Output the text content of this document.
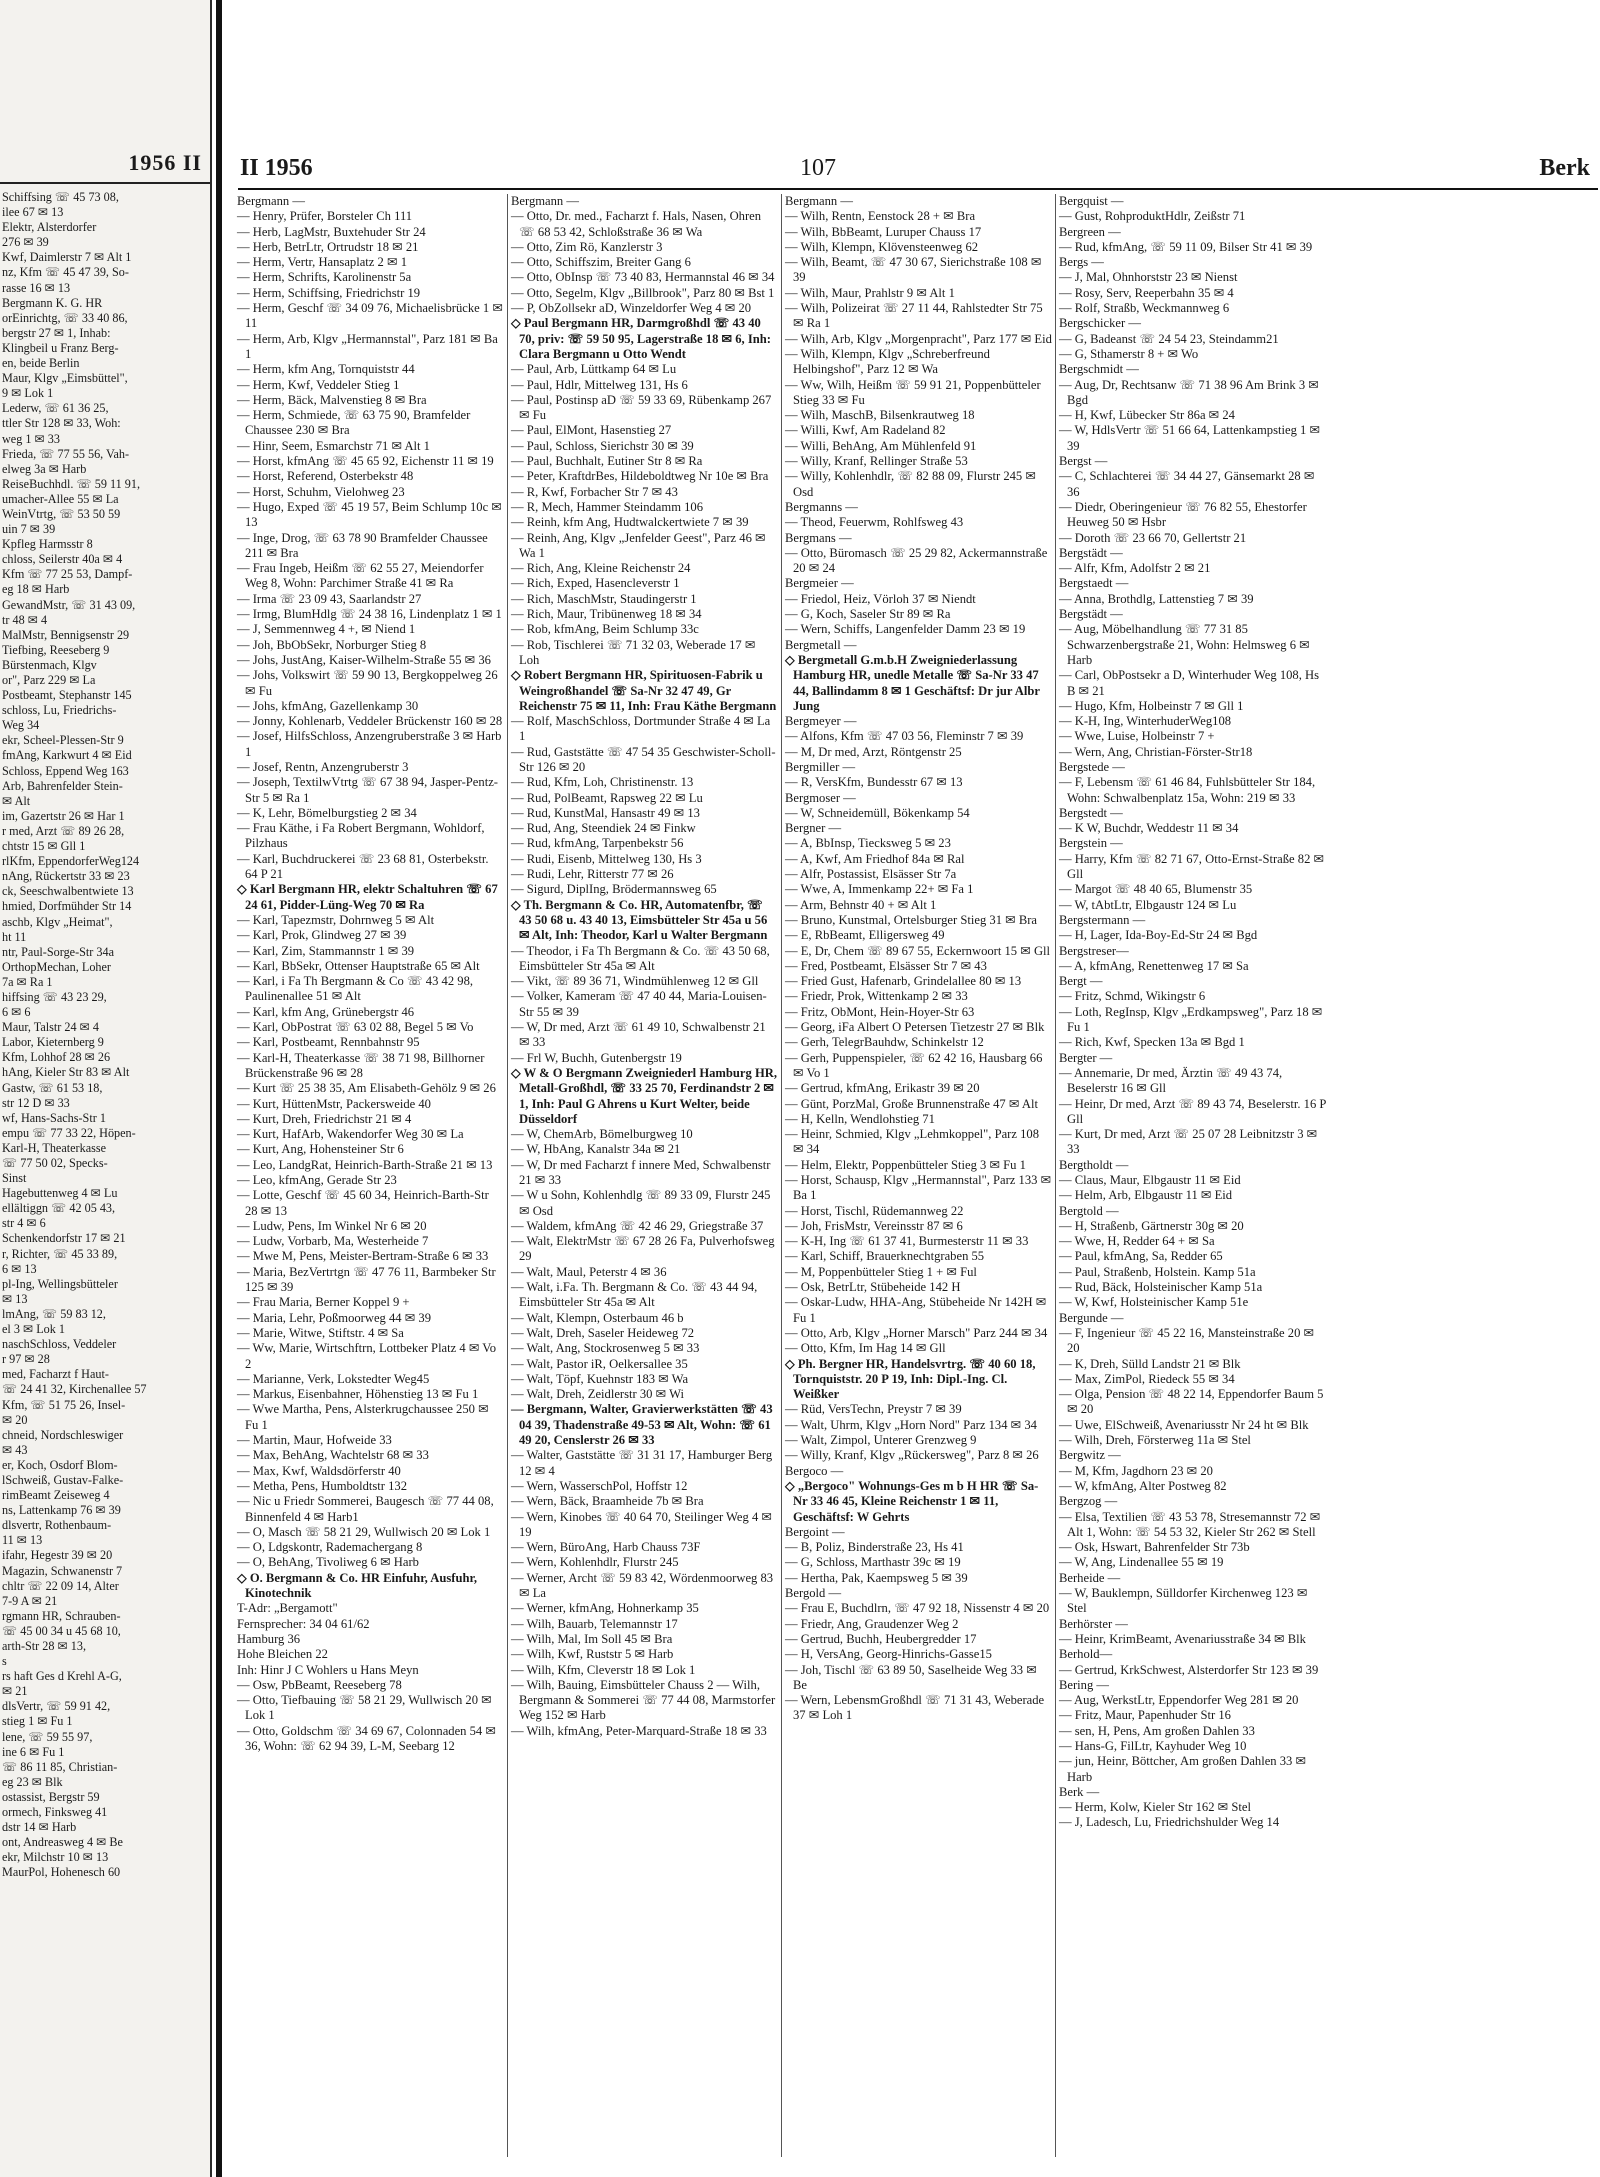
1956 II
Schiffsing ☏ 45 73 08,
ilee 67 ✉ 13
Elektr, Alsterdorfer
276 ✉ 39
Kwf, Daimlerstr 7 ✉ Alt 1
nz, Kfm ☏ 45 47 39, So-
rasse 16 ✉ 13
Bergmann K. G. HR
orEinrichtg, ☏ 33 40 86,
bergstr 27 ✉ 1, Inhab:
Klingbeil u Franz Berg-
en, beide Berlin
Maur, Klgv „Eimsbüttel",
9 ✉ Lok 1
Lederw, ☏ 61 36 25,
ttler Str 128 ✉ 33, Woh:
weg 1 ✉ 33
Frieda, ☏ 77 55 56, Vah-
elweg 3a ✉ Harb
ReiseBuchhdl. ☏ 59 11 91,
umacher-Allee 55 ✉ La
WeinVtrtg, ☏ 53 50 59
uin 7 ✉ 39
Kpfleg Harmsstr 8
chloss, Seilerstr 40a ✉ 4
Kfm ☏ 77 25 53, Dampf-
eg 18 ✉ Harb
GewandMstr, ☏ 31 43 09,
tr 48 ✉ 4
MalMstr, Bennigsenstr 29
Tiefbing, Reeseberg 9
Bürstenmach, Klgv
or", Parz 229 ✉ La
Postbeamt, Stephanstr 145
schloss, Lu, Friedrichs-
Weg 34
ekr, Scheel-Plessen-Str 9
fmAng, Karkwurt 4 ✉ Eid
Schloss, Eppend Weg 163
Arb, Bahrenfelder Stein-
✉ Alt
im, Gazertstr 26 ✉ Har 1
r med, Arzt ☏ 89 26 28,
chtstr 15 ✉ Gll 1
rlKfm, EppendorferWeg124
nAng, Rückertstr 33 ✉ 23
ck, Seeschwalbentwiete 13
hmied, Dorfmühder Str 14
aschb, Klgv „Heimat",
ht 11
ntr, Paul-Sorge-Str 34a
OrthopMechan, Loher
7a ✉ Ra 1
hiffsing ☏ 43 23 29,
6 ✉ 6
Maur, Talstr 24 ✉ 4
Labor, Kieternberg 9
Kfm, Lohhof 28 ✉ 26
hAng, Kieler Str 83 ✉ Alt
Gastw, ☏ 61 53 18,
str 12 D ✉ 33
wf, Hans-Sachs-Str 1
empu ☏ 77 33 22, Höpen-
Karl-H, Theaterkasse
☏ 77 50 02, Specks-
Sinst
Hagebuttenweg 4 ✉ Lu
ellältiggn ☏ 42 05 43,
str 4 ✉ 6
Schenkendorfstr 17 ✉ 21
r, Richter, ☏ 45 33 89,
6 ✉ 13
pl-Ing, Wellingsbütteler
✉ 13
lmAng, ☏ 59 83 12,
el 3 ✉ Lok 1
naschSchloss, Veddeler
r 97 ✉ 28
med, Facharzt f Haut-
☏ 24 41 32, Kirchenallee 57
Kfm, ☏ 51 75 26, Insel-
✉ 20
chneid, Nordschleswiger
✉ 43
er, Koch, Osdorf Blom-
lSchweiß, Gustav-Falke-
rimBeamt Zeiseweg 4
ns, Lattenkamp 76 ✉ 39
dlsvertr, Rothenbaum-
11 ✉ 13
ifahr, Hegestr 39 ✉ 20
Magazin, Schwanenstr 7
chltr ☏ 22 09 14, Alter
7-9 A ✉ 21
rgmann HR, Schrauben-
☏ 45 00 34 u 45 68 10,
arth-Str 28 ✉ 13,
s
rs haft Ges d Krehl A-G,
✉ 21
dlsVertr, ☏ 59 91 42,
stieg 1 ✉ Fu 1
lene, ☏ 59 55 97,
ine 6 ✉ Fu 1
☏ 86 11 85, Christian-
eg 23 ✉ Blk
ostassist, Bergstr 59
ormech, Finksweg 41
dstr 14 ✉ Harb
ont, Andreasweg 4 ✉ Be
ekr, Milchstr 10 ✉ 13
MaurPol, Hohenesch 60
II 1956	107	Berk
Bergmann —
— Henry, Prüfer, Borsteler Ch 111
— Herb, LagMstr, Buxtehuder Str 24
— Herb, BetrLtr, Ortrudstr 18 ✉ 21
— Herm, Vertr, Hansaplatz 2 ✉ 1
— Herm, Schrifts, Karolinenstr 5a
— Herm, Schiffsing, Friedrichstr 19
— Herm, Geschf ☏ 34 09 76, Michaelisbrücke 1 ✉ 11
— Herm, Arb, Klgv „Hermannstal", Parz 181 ✉ Ba 1
— Herm, kfm Ang, Tornquiststr 44
— Herm, Kwf, Veddeler Stieg 1
— Herm, Bäck, Malvenstieg 8 ✉ Bra
— Herm, Schmiede, ☏ 63 75 90, Bramfelder Chaussee 230 ✉ Bra
— Hinr, Seem, Esmarchstr 71 ✉ Alt 1
— Horst, kfmAng ☏ 45 65 92, Eichenstr 11 ✉ 19
— Horst, Referend, Osterbekstr 48
— Horst, Schuhm, Vielohweg 23
— Hugo, Exped ☏ 45 19 57, Beim Schlump 10c ✉ 13
— Inge, Drog, ☏ 63 78 90 Bramfelder Chaussee 211 ✉ Bra
— Frau Ingeb, Heißm ☏ 62 55 27, Meiendorfer Weg 8, Wohn: Parchimer Straße 41 ✉ Ra
— Irma ☏ 23 09 43, Saarlandstr 27
— Irmg, BlumHdlg ☏ 24 38 16, Lindenplatz 1 ✉ 1
— J, Semmennweg 4 +, ✉ Niend 1
— Joh, BbObSekr, Norburger Stieg 8
— Johs, JustAng, Kaiser-Wilhelm-Straße 55 ✉ 36
— Johs, Volkswirt ☏ 59 90 13, Bergkoppelweg 26 ✉ Fu
— Johs, kfmAng, Gazellenkamp 30
— Jonny, Kohlenarb, Veddeler Brückenstr 160 ✉ 28
— Josef, HilfsSchloss, Anzengruberstraße 3 ✉ Harb 1
— Josef, Rentn, Anzengruberstr 3
— Joseph, TextilwVtrtg ☏ 67 38 94, Jasper-Pentz-Str 5 ✉ Ra 1
— K, Lehr, Bömelburgstieg 2 ✉ 34
— Frau Käthe, i Fa Robert Bergmann, Wohldorf, Pilzhaus
— Karl, Buchdruckerei ☏ 23 68 81, Osterbekstr. 64 P 21
◇ Karl Bergmann HR, elektr Schaltuhren ☏ 67 24 61, Pidder-Lüng-Weg 70 ✉ Ra
— Karl, Tapezmstr, Dohrnweg 5 ✉ Alt
— Karl, Prok, Glindweg 27 ✉ 39
— Karl, Zim, Stammannstr 1 ✉ 39
— Karl, BbSekr, Ottenser Hauptstraße 65 ✉ Alt
— Karl, i Fa Th Bergmann & Co ☏ 43 42 98, Paulinenallee 51 ✉ Alt
— Karl, kfm Ang, Grünebergstr 46
— Karl, ObPostrat ☏ 63 02 88, Begel 5 ✉ Vo
— Karl, Postbeamt, Rennbahnstr 95
— Karl-H, Theaterkasse ☏ 38 71 98, Billhorner Brückenstraße 96 ✉ 28
— Kurt ☏ 25 38 35, Am Elisabeth-Gehölz 9 ✉ 26
— Kurt, HüttenMstr, Packersweide 40
— Kurt, Dreh, Friedrichstr 21 ✉ 4
— Kurt, HafArb, Wakendorfer Weg 30 ✉ La
— Kurt, Ang, Hohensteiner Str 6
— Leo, LandgRat, Heinrich-Barth-Straße 21 ✉ 13
— Leo, kfmAng, Gerade Str 23
— Lotte, Geschf ☏ 45 60 34, Heinrich-Barth-Str 28 ✉ 13
— Ludw, Pens, Im Winkel Nr 6 ✉ 20
— Ludw, Vorbarb, Ma, Westerheide 7
— Mwe M, Pens, Meister-Bertram-Straße 6 ✉ 33
— Maria, BezVertrtgn ☏ 47 76 11, Barmbeker Str 125 ✉ 39
— Frau Maria, Berner Koppel 9 +
— Maria, Lehr, Poßmoorweg 44 ✉ 39
— Marie, Witwe, Stiftstr. 4 ✉ Sa
— Ww, Marie, Wirtschftrn, Lottbeker Platz 4 ✉ Vo 2
— Marianne, Verk, Lokstedter Weg45
— Markus, Eisenbahner, Höhenstieg 13 ✉ Fu 1
— Wwe Martha, Pens, Alsterkrugchaussee 250 ✉ Fu 1
— Martin, Maur, Hofweide 33
— Max, BehAng, Wachtelstr 68 ✉ 33
— Max, Kwf, Waldsdörferstr 40
— Metha, Pens, Humboldtstr 132
— Nic u Friedr Sommerei, Baugesch ☏ 77 44 08, Binnenfeld 4 ✉ Harb1
— O, Masch ☏ 58 21 29, Wullwisch 20 ✉ Lok 1
— O, Ldgskontr, Rademachergang 8
— O, BehAng, Tivoliweg 6 ✉ Harb
◇ O. Bergmann & Co. HR Einfuhr, Ausfuhr, Kinotechnik
T-Adr: „Bergamott"
Fernsprecher: 34 04 61/62
Hamburg 36
Hohe Bleichen 22
Inh: Hinr J C Wohlers u Hans Meyn
— Osw, PbBeamt, Reeseberg 78
— Otto, Tiefbauing ☏ 58 21 29, Wullwisch 20 ✉ Lok 1
— Otto, Goldschm ☏ 34 69 67, Colonnaden 54 ✉ 36, Wohn: ☏ 62 94 39, L-M, Seebarg 12
Bergmann —
— Otto, Dr. med., Facharzt f. Hals, Nasen, Ohren ☏ 68 53 42, Schloßstraße 36 ✉ Wa
— Otto, Zim Rö, Kanzlerstr 3
— Otto, Schiffszim, Breiter Gang 6
— Otto, ObInsp ☏ 73 40 83, Hermannstal 46 ✉ 34
— Otto, Segelm, Klgv „Billbrook", Parz 80 ✉ Bst 1
— P, ObZollsekr aD, Winzeldorfer Weg 4 ✉ 20
◇ Paul Bergmann HR, Darmgroßhdl ☏ 43 40 70, priv: ☏ 59 50 95, Lagerstraße 18 ✉ 6, Inh: Clara Bergmann u Otto Wendt
— Paul, Arb, Lüttkamp 64 ✉ Lu
— Paul, Hdlr, Mittelweg 131, Hs 6
— Paul, Postinsp aD ☏ 59 33 69, Rübenkamp 267 ✉ Fu
— Paul, ElMont, Hasenstieg 27
— Paul, Schloss, Sierichstr 30 ✉ 39
— Paul, Buchhalt, Eutiner Str 8 ✉ Ra
— Peter, KraftdrBes, Hildeboldtweg Nr 10e ✉ Bra
— R, Kwf, Forbacher Str 7 ✉ 43
— R, Mech, Hammer Steindamm 106
— Reinh, kfm Ang, Hudtwalckertwiete 7 ✉ 39
— Reinh, Ang, Klgv „Jenfelder Geest", Parz 46 ✉ Wa 1
— Rich, Ang, Kleine Reichenstr 24
— Rich, Exped, Hasencleverstr 1
— Rich, MaschMstr, Staudingerstr 1
— Rich, Maur, Tribünenweg 18 ✉ 34
— Rob, kfmAng, Beim Schlump 33c
— Rob, Tischlerei ☏ 71 32 03, Weberade 17 ✉ Loh
◇ Robert Bergmann HR, Spirituosen-Fabrik u Weingroßhandel ☏ Sa-Nr 32 47 49, Gr Reichenstr 75 ✉ 11, Inh: Frau Käthe Bergmann
— Rolf, MaschSchloss, Dortmunder Straße 4 ✉ La 1
— Rud, Gaststätte ☏ 47 54 35 Geschwister-Scholl-Str 126 ✉ 20
— Rud, Kfm, Loh, Christinenstr. 13
— Rud, PolBeamt, Rapsweg 22 ✉ Lu
— Rud, KunstMal, Hansastr 49 ✉ 13
— Rud, Ang, Steendiek 24 ✉ Finkw
— Rud, kfmAng, Tarpenbekstr 56
— Rudi, Eisenb, Mittelweg 130, Hs 3
— Rudi, Lehr, Ritterstr 77 ✉ 26
— Sigurd, DiplIng, Brödermannsweg 65
◇ Th. Bergmann & Co. HR, Automatenfbr, ☏ 43 50 68 u. 43 40 13, Eimsbütteler Str 45a u 56 ✉ Alt, Inh: Theodor, Karl u Walter Bergmann
— Theodor, i Fa Th Bergmann & Co. ☏ 43 50 68, Eimsbütteler Str 45a ✉ Alt
— Vikt, ☏ 89 36 71, Windmühlenweg 12 ✉ Gll
— Volker, Kameram ☏ 47 40 44, Maria-Louisen-Str 55 ✉ 39
— W, Dr med, Arzt ☏ 61 49 10, Schwalbenstr 21 ✉ 33
— Frl W, Buchh, Gutenbergstr 19
◇ W & O Bergmann Zweigniederl Hamburg HR, Metall-Großhdl, ☏ 33 25 70, Ferdinandstr 2 ✉ 1, Inh: Paul G Ahrens u Kurt Welter, beide Düsseldorf
— W, ChemArb, Bömelburgweg 10
— W, HbAng, Kanalstr 34a ✉ 21
— W, Dr med Facharzt f innere Med, Schwalbenstr 21 ✉ 33
— W u Sohn, Kohlenhdlg ☏ 89 33 09, Flurstr 245 ✉ Osd
— Waldem, kfmAng ☏ 42 46 29, Griegstraße 37
— Walt, ElektrMstr ☏ 67 28 26 Fa, Pulverhofsweg 29
— Walt, Maul, Peterstr 4 ✉ 36
— Walt, i.Fa. Th. Bergmann & Co. ☏ 43 44 94, Eimsbütteler Str 45a ✉ Alt
— Walt, Klempn, Osterbaum 46 b
— Walt, Dreh, Saseler Heideweg 72
— Walt, Ang, Stockrosenweg 5 ✉ 33
— Walt, Pastor iR, Oelkersallee 35
— Walt, Töpf, Kuehnstr 183 ✉ Wa
— Walt, Dreh, Zeidlerstr 30 ✉ Wi
— Bergmann, Walter, Gravierwerkstätten ☏ 43 04 39, Thadenstraße 49-53 ✉ Alt, Wohn: ☏ 61 49 20, Censlerstr 26 ✉ 33
— Walter, Gaststätte ☏ 31 31 17, Hamburger Berg 12 ✉ 4
— Wern, WasserschPol, Hoffstr 12
— Wern, Bäck, Braamheide 7b ✉ Bra
— Wern, Kinobes ☏ 40 64 70, Steilinger Weg 4 ✉ 19
— Wern, BüroAng, Harb Chauss 73F
— Wern, Kohlenhdlr, Flurstr 245
— Werner, Archt ☏ 59 83 42, Wördenmoorweg 83 ✉ La
— Werner, kfmAng, Hohnerkamp 35
— Wilh, Bauarb, Telemannstr 17
— Wilh, Mal, Im Soll 45 ✉ Bra
— Wilh, Kwf, Ruststr 5 ✉ Harb
— Wilh, Kfm, Cleverstr 18 ✉ Lok 1
— Wilh, Bauing, Eimsbütteler Chauss 2 — Wilh, Bergmann & Sommerei ☏ 77 44 08, Marmstorfer Weg 152 ✉ Harb
— Wilh, kfmAng, Peter-Marquard-Straße 18 ✉ 33
Bergmann —
— Wilh, Rentn, Eenstock 28 + ✉ Bra
— Wilh, BbBeamt, Luruper Chauss 17
— Wilh, Klempn, Klövensteenweg 62
— Wilh, Beamt, ☏ 47 30 67, Sierichstraße 108 ✉ 39
— Wilh, Maur, Prahlstr 9 ✉ Alt 1
— Wilh, Polizeirat ☏ 27 11 44, Rahlstedter Str 75 ✉ Ra 1
— Wilh, Arb, Klgv „Morgenpracht", Parz 177 ✉ Eid
— Wilh, Klempn, Klgv „Schreberfreund Helbingshof", Parz 12 ✉ Wa
— Ww, Wilh, Heißm ☏ 59 91 21, Poppenbütteler Stieg 33 ✉ Fu
— Wilh, MaschB, Bilsenkrautweg 18
— Willi, Kwf, Am Radeland 82
— Willi, BehAng, Am Mühlenfeld 91
— Willy, Kranf, Rellinger Straße 53
— Willy, Kohlenhdlr, ☏ 82 88 09, Flurstr 245 ✉ Osd
Bergmanns —
— Theod, Feuerwm, Rohlfsweg 43
Bergmans —
— Otto, Büromasch ☏ 25 29 82, Ackermannstraße 20 ✉ 24
Bergmeier —
— Friedol, Heiz, Vörloh 37 ✉ Niendt
— G, Koch, Saseler Str 89 ✉ Ra
— Wern, Schiffs, Langenfelder Damm 23 ✉ 19
Bergmetall —
◇ Bergmetall G.m.b.H Zweigniederlassung Hamburg HR, unedle Metalle ☏ Sa-Nr 33 47 44, Ballindamm 8 ✉ 1 Geschäftsf: Dr jur Albr Jung
Bergmeyer —
— Alfons, Kfm ☏ 47 03 56, Fleminstr 7 ✉ 39
— M, Dr med, Arzt, Röntgenstr 25
Bergmiller —
— R, VersKfm, Bundesstr 67 ✉ 13
Bergmoser —
— W, Schneidemüll, Bökenkamp 54
Bergner —
— A, BbInsp, Tiecksweg 5 ✉ 23
— A, Kwf, Am Friedhof 84a ✉ Ral
— Alfr, Postassist, Elsässer Str 7a
— Wwe, A, Immenkamp 22+ ✉ Fa 1
— Arm, Behnstr 40 + ✉ Alt 1
— Bruno, Kunstmal, Ortelsburger Stieg 31 ✉ Bra
— E, RbBeamt, Elligersweg 49
— E, Dr, Chem ☏ 89 67 55, Eckernwoort 15 ✉ Gll
— Fred, Postbeamt, Elsässer Str 7 ✉ 43
— Fried Gust, Hafenarb, Grindelallee 80 ✉ 13
— Friedr, Prok, Wittenkamp 2 ✉ 33
— Fritz, ObMont, Hein-Hoyer-Str 63
— Georg, iFa Albert O Petersen Tietzestr 27 ✉ Blk
— Gerh, TelegrBauhdw, Schinkelstr 12
— Gerh, Puppenspieler, ☏ 62 42 16, Hausbarg 66 ✉ Vo 1
— Gertrud, kfmAng, Erikastr 39 ✉ 20
— Günt, PorzMal, Große Brunnenstraße 47 ✉ Alt
— H, Kelln, Wendlohstieg 71
— Heinr, Schmied, Klgv „Lehmkoppel", Parz 108 ✉ 34
— Helm, Elektr, Poppenbütteler Stieg 3 ✉ Fu 1
— Horst, Schausp, Klgv „Hermannstal", Parz 133 ✉ Ba 1
— Horst, Tischl, Rüdemannweg 22
— Joh, FrisMstr, Vereinsstr 87 ✉ 6
— K-H, Ing ☏ 61 37 41, Burmesterstr 11 ✉ 33
— Karl, Schiff, Brauerknechtgraben 55
— M, Poppenbütteler Stieg 1 + ✉ Ful
— Osk, BetrLtr, Stübeheide 142 H
— Oskar-Ludw, HHA-Ang, Stübeheide Nr 142H ✉ Fu 1
— Otto, Arb, Klgv „Horner Marsch" Parz 244 ✉ 34
— Otto, Kfm, Im Hag 14 ✉ Gll
◇ Ph. Bergner HR, Handelsvrtrg. ☏ 40 60 18, Tornquiststr. 20 P 19, Inh: Dipl.-Ing. Cl. Weißker
— Rüd, VersTechn, Preystr 7 ✉ 39
— Walt, Uhrm, Klgv „Horn Nord" Parz 134 ✉ 34
— Walt, Zimpol, Unterer Grenzweg 9
— Willy, Kranf, Klgv „Rückersweg", Parz 8 ✉ 26
Bergoco —
◇ „Bergoco" Wohnungs-Ges m b H HR ☏ Sa-Nr 33 46 45, Kleine Reichenstr 1 ✉ 11, Geschäftsf: W Gehrts
Bergoint —
— B, Poliz, Binderstraße 23, Hs 41
— G, Schloss, Marthastr 39c ✉ 19
— Hertha, Pak, Kaempsweg 5 ✉ 39
Bergold —
— Frau E, Buchdlrn, ☏ 47 92 18, Nissenstr 4 ✉ 20
— Friedr, Ang, Graudenzer Weg 2
— Gertrud, Buchh, Heubergredder 17
— H, VersAng, Georg-Hinrichs-Gasse15
— Joh, Tischl ☏ 63 89 50, Saselheide Weg 33 ✉ Be
— Wern, LebensmGroßhdl ☏ 71 31 43, Weberade 37 ✉ Loh 1
Bergquist —
— Gust, RohproduktHdlr, Zeißstr 71
Bergreen —
— Rud, kfmAng, ☏ 59 11 09, Bilser Str 41 ✉ 39
Bergs —
— J, Mal, Ohnhorststr 23 ✉ Nienst
— Rosy, Serv, Reeperbahn 35 ✉ 4
— Rolf, Straßb, Weckmannweg 6
Bergschicker —
— G, Badeanst ☏ 24 54 23, Steindamm21
— G, Sthamerstr 8 + ✉ Wo
Bergschmidt —
— Aug, Dr, Rechtsanw ☏ 71 38 96 Am Brink 3 ✉ Bgd
— H, Kwf, Lübecker Str 86a ✉ 24
— W, HdlsVertr ☏ 51 66 64, Lattenkampstieg 1 ✉ 39
Bergst —
— C, Schlachterei ☏ 34 44 27, Gänsemarkt 28 ✉ 36
— Diedr, Oberingenieur ☏ 76 82 55, Ehestorfer Heuweg 50 ✉ Hsbr
— Doroth ☏ 23 66 70, Gellertstr 21
Bergstädt —
— Alfr, Kfm, Adolfstr 2 ✉ 21
Bergstaedt —
— Anna, Brothdlg, Lattenstieg 7 ✉ 39
Bergstädt —
— Aug, Möbelhandlung ☏ 77 31 85 Schwarzenbergstraße 21, Wohn: Helmsweg 6 ✉ Harb
— Carl, ObPostsekr a D, Winterhuder Weg 108, Hs B ✉ 21
— Hugo, Kfm, Holbeinstr 7 ✉ Gll 1
— K-H, Ing, WinterhuderWeg108
— Wwe, Luise, Holbeinstr 7 +
— Wern, Ang, Christian-Förster-Str18
Bergstede —
— F, Lebensm ☏ 61 46 84, Fuhlsbütteler Str 184, Wohn: Schwalbenplatz 15a, Wohn: 219 ✉ 33
Bergstedt —
— K W, Buchdr, Weddestr 11 ✉ 34
Bergstein —
— Harry, Kfm ☏ 82 71 67, Otto-Ernst-Straße 82 ✉ Gll
— Margot ☏ 48 40 65, Blumenstr 35
— W, tAbtLtr, Elbgaustr 124 ✉ Lu
Bergstermann —
— H, Lager, Ida-Boy-Ed-Str 24 ✉ Bgd
Bergstreser—
— A, kfmAng, Renettenweg 17 ✉ Sa
Bergt —
— Fritz, Schmd, Wikingstr 6
— Loth, RegInsp, Klgv „Erdkampsweg", Parz 18 ✉ Fu 1
— Rich, Kwf, Specken 13a ✉ Bgd 1
Bergter —
— Annemarie, Dr med, Ärztin ☏ 49 43 74, Beselerstr 16 ✉ Gll
— Heinr, Dr med, Arzt ☏ 89 43 74, Beselerstr. 16 P Gll
— Kurt, Dr med, Arzt ☏ 25 07 28 Leibnitzstr 3 ✉ 33
Bergtholdt —
— Claus, Maur, Elbgaustr 11 ✉ Eid
— Helm, Arb, Elbgaustr 11 ✉ Eid
Bergtold —
— H, Straßenb, Gärtnerstr 30g ✉ 20
— Wwe, H, Redder 64 + ✉ Sa
— Paul, kfmAng, Sa, Redder 65
— Paul, Straßenb, Holstein. Kamp 51a
— Rud, Bäck, Holsteinischer Kamp 51a
— W, Kwf, Holsteinischer Kamp 51e
Bergunde —
— F, Ingenieur ☏ 45 22 16, Mansteinstraße 20 ✉ 20
— K, Dreh, Sülld Landstr 21 ✉ Blk
— Max, ZimPol, Riedeck 55 ✉ 34
— Olga, Pension ☏ 48 22 14, Eppendorfer Baum 5 ✉ 20
— Uwe, ElSchweiß, Avenariusstr Nr 24 ht ✉ Blk
— Wilh, Dreh, Försterweg 11a ✉ Stel
Bergwitz —
— M, Kfm, Jagdhorn 23 ✉ 20
— W, kfmAng, Alter Postweg 82
Bergzog —
— Elsa, Textilien ☏ 43 53 78, Stresemannstr 72 ✉ Alt 1, Wohn: ☏ 54 53 32, Kieler Str 262 ✉ Stell
— Osk, Hswart, Bahrenfelder Str 73b
— W, Ang, Lindenallee 55 ✉ 19
Berheide —
— W, Bauklempn, Sülldorfer Kirchenweg 123 ✉ Stel
Berhörster —
— Heinr, KrimBeamt, Avenariusstraße 34 ✉ Blk
Berhold—
— Gertrud, KrkSchwest, Alsterdorfer Str 123 ✉ 39
Bering —
— Aug, WerkstLtr, Eppendorfer Weg 281 ✉ 20
— Fritz, Maur, Papenhuder Str 16
— sen, H, Pens, Am großen Dahlen 33
— Hans-G, FilLtr, Kayhuder Weg 10
— jun, Heinr, Böttcher, Am großen Dahlen 33 ✉ Harb
Berk —
— Herm, Kolw, Kieler Str 162 ✉ Stel
— J, Ladesch, Lu, Friedrichshulder Weg 14
